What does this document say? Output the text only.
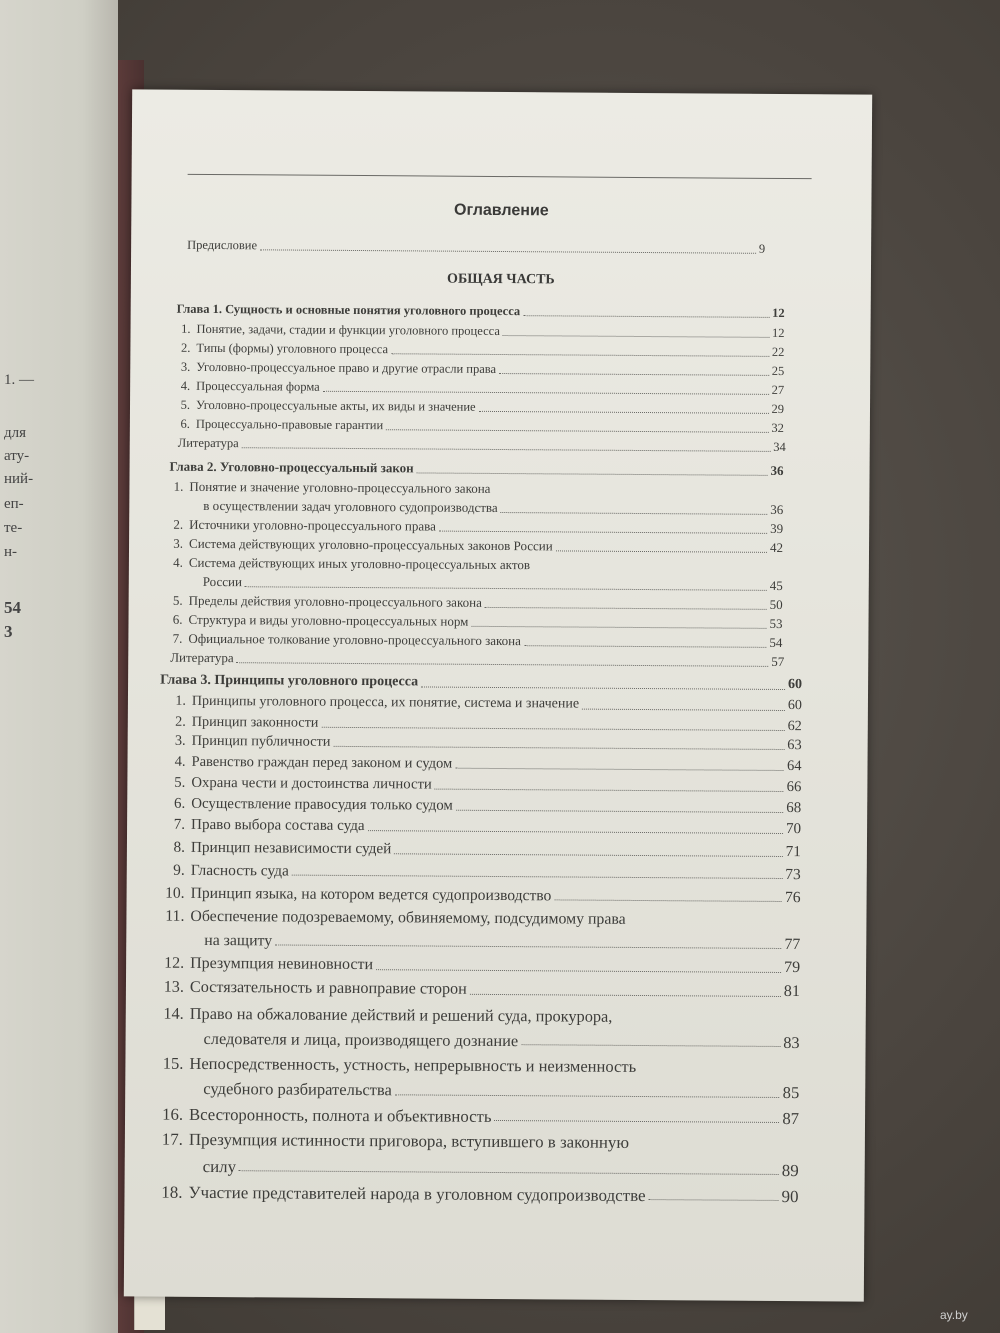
1. —
для
ату-
ний-
еп-
те-
н-
54
3
Оглавление
ОБЩАЯ ЧАСТЬ
Предисловие	9
Глава 1. Сущность и основные понятия уголовного процесса	12
1. Понятие, задачи, стадии и функции уголовного процесса	12
2. Типы (формы) уголовного процесса	22
3. Уголовно-процессуальное право и другие отрасли права	25
4. Процессуальная форма	27
5. Уголовно-процессуальные акты, их виды и значение	29
6. Процессуально-правовые гарантии	32
Литература	34
Глава 2. Уголовно-процессуальный закон	36
1. Понятие и значение уголовно-процессуального закона
в осуществлении задач уголовного судопроизводства	36
2. Источники уголовно-процессуального права	39
3. Система действующих уголовно-процессуальных законов России	42
4. Система действующих иных уголовно-процессуальных актов
России	45
5. Пределы действия уголовно-процессуального закона	50
6. Структура и виды уголовно-процессуальных норм	53
7. Официальное толкование уголовно-процессуального закона	54
Литература	57
Глава 3. Принципы уголовного процесса	60
1. Принципы уголовного процесса, их понятие, система и значение	60
2. Принцип законности	62
3. Принцип публичности	63
4. Равенство граждан перед законом и судом	64
5. Охрана чести и достоинства личности	66
6. Осуществление правосудия только судом	68
7. Право выбора состава суда	70
8. Принцип независимости судей	71
9. Гласность суда	73
10. Принцип языка, на котором ведется судопроизводство	76
11. Обеспечение подозреваемому, обвиняемому, подсудимому права
на защиту	77
12. Презумпция невиновности	79
13. Состязательность и равноправие сторон	81
14. Право на обжалование действий и решений суда, прокурора,
следователя и лица, производящего дознание	83
15. Непосредственность, устность, непрерывность и неизменность
судебного разбирательства	85
16. Всесторонность, полнота и объективность	87
17. Презумпция истинности приговора, вступившего в законную
силу	89
18. Участие представителей народа в уголовном судопроизводстве	90
ay.by
